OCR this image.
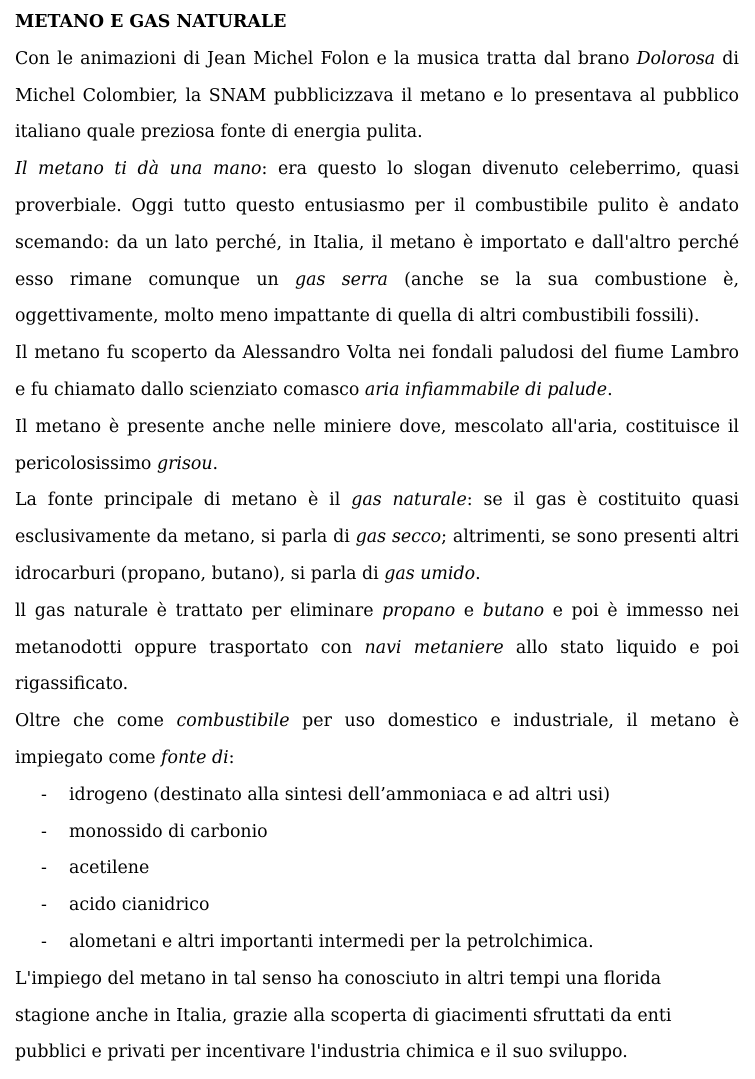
METANO E GAS NATURALE

Con le animazioni di Jean Michel Folon e la musica tratta dal brano Dolorosa di Michel Colombier, la SNAM pubblicizzava il metano e lo presentava al pubblico italiano quale preziosa fonte di energia pulita.

Il metano ti dà una mano: era questo lo slogan divenuto celeberrimo, quasi proverbiale. Oggi tutto questo entusiasmo per il combustibile pulito è andato scemando: da un lato perché, in Italia, il metano è importato e dall'altro perché esso rimane comunque un gas serra (anche se la sua combustione è, oggettivamente, molto meno impattante di quella di altri combustibili fossili).

Il metano fu scoperto da Alessandro Volta nei fondali paludosi del fiume Lambro e fu chiamato dallo scienziato comasco aria infiammabile di palude.

Il metano è presente anche nelle miniere dove, mescolato all'aria, costituisce il pericolosissimo grisou.

La fonte principale di metano è il gas naturale: se il gas è costituito quasi esclusivamente da metano, si parla di gas secco; altrimenti, se sono presenti altri idrocarburi (propano, butano), si parla di gas umido.

ll gas naturale è trattato per eliminare propano e butano e poi è immesso nei metanodotti oppure trasportato con navi metaniere allo stato liquido e poi rigassificato.

Oltre che come combustibile per uso domestico e industriale, il metano è impiegato come fonte di:

- idrogeno (destinato alla sintesi dell’ammoniaca e ad altri usi)
- monossido di carbonio
- acetilene
- acido cianidrico
- alometani e altri importanti intermedi per la petrolchimica.

L'impiego del metano in tal senso ha conosciuto in altri tempi una florida stagione anche in Italia, grazie alla scoperta di giacimenti sfruttati da enti pubblici e privati per incentivare l'industria chimica e il suo sviluppo.
